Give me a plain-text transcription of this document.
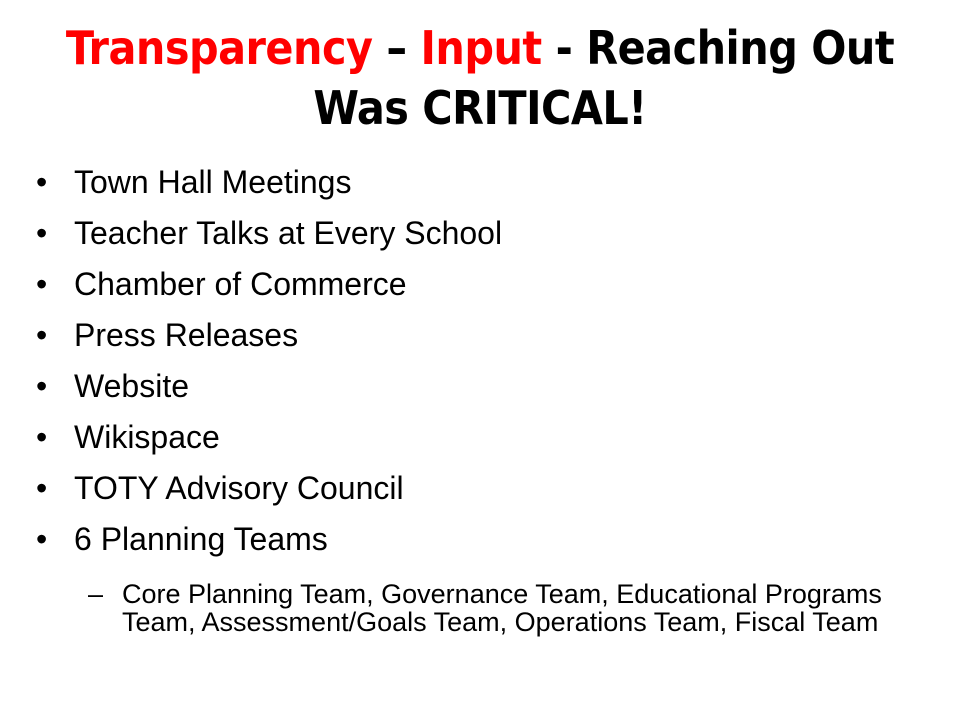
Transparency – Input - Reaching Out
Was CRITICAL!
• Town Hall Meetings
• Teacher Talks at Every School
• Chamber of Commerce
• Press Releases
• Website
• Wikispace
• TOTY Advisory Council
• 6 Planning Teams
– Core Planning Team, Governance Team, Educational Programs Team, Assessment/Goals Team, Operations Team, Fiscal Team
